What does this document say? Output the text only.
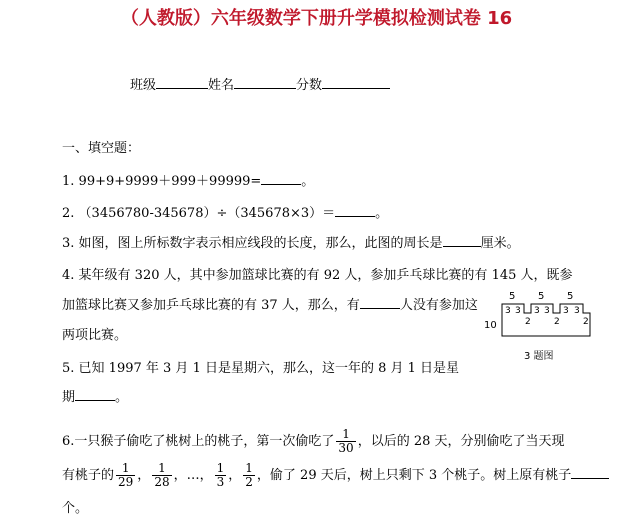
（人教版）六年级数学下册升学模拟检测试卷 16
班级	姓名	分数
一、填空题：
1. 99+9+9999＋999＋99999=	。
2. （3456780-345678）÷（345678×3）＝	。
3. 如图，图上所标数字表示相应线段的长度，那么，此图的周长是	厘米。
4. 某年级有 320 人，其中参加篮球比赛的有 92 人，参加乒乓球比赛的有 145 人，既参
加篮球比赛又参加乒乓球比赛的有 37 人，那么，有	人没有参加这
两项比赛。
5. 已知 1997 年 3 月 1 日是星期六，那么，这一年的 8 月 1 日是星
期	。
6.一只猴子偷吃了桃树上的桃子，第一次偷吃了 $\frac{1}{30}$ ，以后的 28 天，分别偷吃了当天现
有桃子的 $\frac{1}{29}$ ， $\frac{1}{28}$ ，…， $\frac{1}{3}$ ， $\frac{1}{2}$ ，偷了 29 天后，树上只剩下 3 个桃子。树上原有桃子
个。
10
5 5 5
3 3 3 3 3 3
2	2	2
3 题图
